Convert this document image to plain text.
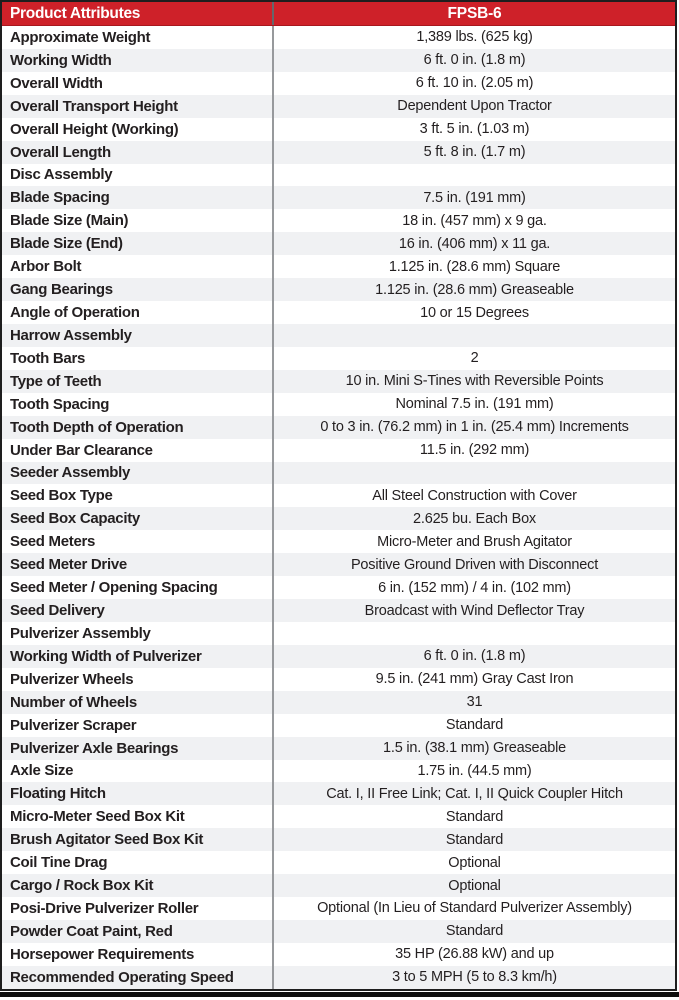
Product Attributes	FPSB-6
Approximate Weight	1,389 lbs. (625 kg)
Working Width	6 ft. 0 in. (1.8 m)
Overall Width	6 ft. 10 in. (2.05 m)
Overall Transport Height	Dependent Upon Tractor
Overall Height (Working)	3 ft. 5 in. (1.03 m)
Overall Length	5 ft. 8 in. (1.7 m)
Disc Assembly
Blade Spacing	7.5 in. (191 mm)
Blade Size (Main)	18 in. (457 mm) x 9 ga.
Blade Size (End)	16 in. (406 mm) x 11 ga.
Arbor Bolt	1.125 in. (28.6 mm) Square
Gang Bearings	1.125 in. (28.6 mm) Greaseable
Angle of Operation	10 or 15 Degrees
Harrow Assembly
Tooth Bars	2
Type of Teeth	10 in. Mini S-Tines with Reversible Points
Tooth Spacing	Nominal 7.5 in. (191 mm)
Tooth Depth of Operation	0 to 3 in. (76.2 mm) in 1 in. (25.4 mm) Increments
Under Bar Clearance	11.5 in. (292 mm)
Seeder Assembly
Seed Box Type	All Steel Construction with Cover
Seed Box Capacity	2.625 bu. Each Box
Seed Meters	Micro-Meter and Brush Agitator
Seed Meter Drive	Positive Ground Driven with Disconnect
Seed Meter / Opening Spacing	6 in. (152 mm) / 4 in. (102 mm)
Seed Delivery	Broadcast with Wind Deflector Tray
Pulverizer Assembly
Working Width of Pulverizer	6 ft. 0 in. (1.8 m)
Pulverizer Wheels	9.5 in. (241 mm) Gray Cast Iron
Number of Wheels	31
Pulverizer Scraper	Standard
Pulverizer Axle Bearings	1.5 in. (38.1 mm) Greaseable
Axle Size	1.75 in. (44.5 mm)
Floating Hitch	Cat. I, II Free Link; Cat. I, II Quick Coupler Hitch
Micro-Meter Seed Box Kit	Standard
Brush Agitator Seed Box Kit	Standard
Coil Tine Drag	Optional
Cargo / Rock Box Kit	Optional
Posi-Drive Pulverizer Roller	Optional (In Lieu of Standard Pulverizer Assembly)
Powder Coat Paint, Red	Standard
Horsepower Requirements	35 HP (26.88 kW) and up
Recommended Operating Speed	3 to 5 MPH (5 to 8.3 km/h)
